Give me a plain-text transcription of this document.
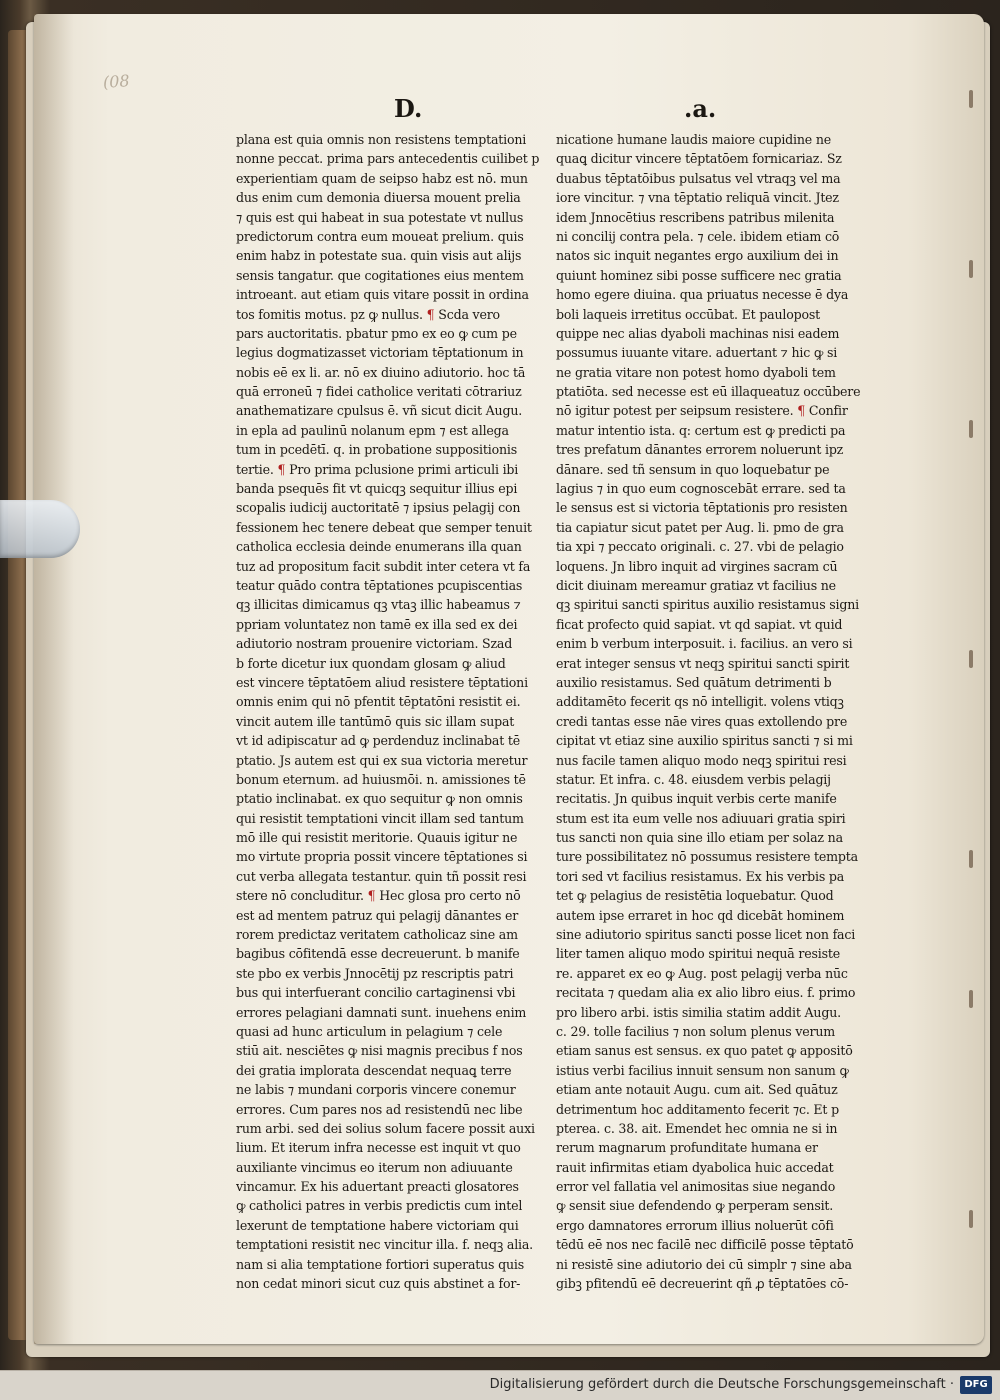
(08
D.	.a.
plana est quia omnis non resistens temptationi
nonne peccat. prima pars antecedentis cuilibet p
experientiam quam de seipso habz est nō. mun
dus enim cum demonia diuersa mouent prelia
⁊ quis est qui habeat in sua potestate vt nullus
predictorum contra eum moueat prelium. quis
enim habz in potestate sua. quin visis aut alijs
sensis tangatur. que cogitationes eius mentem
introeant. aut etiam quis vitare possit in ordina
tos fomitis motus. pz ꝙ nullus. ¶ Scda vero
pars auctoritatis. pbatur pmo ex eo ꝙ cum pe
legius dogmatizasset victoriam tēptationum in
nobis eē ex li. ar. nō ex diuino adiutorio. hoc tā
quā erroneū ⁊ fidei catholice veritati cōtrariuz
anathematizare cpulsus ē. vñ sicut dicit Augu.
in epla ad paulinū nolanum epm ⁊ est allega
tum in pcedētī. q. in probatione suppositionis
tertie. ¶ Pro prima pclusione primi articuli ibi
banda psequēs fit vt quicqꝫ sequitur illius epi
scopalis iudicij auctoritatē ⁊ ipsius pelagij con
fessionem hec tenere debeat que semper tenuit
catholica ecclesia deinde enumerans illa quan
tuz ad propositum facit subdit inter cetera vt fa
teatur quādo contra tēptationes pcupiscentias
qꝫ illicitas dimicamus qꝫ vtaꝫ illic habeamus ⁊
ppriam voluntatez non tamē ex illa sed ex dei
adiutorio nostram prouenire victoriam. Szad
b forte dicetur iux quondam glosam ꝙ aliud
est vincere tēptatōem aliud resistere tēptationi
omnis enim qui nō pfentit tēptatōni resistit ei.
vincit autem ille tantūmō quis sic illam supat
vt id adipiscatur ad ꝙ perdenduz inclinabat tē
ptatio. Js autem est qui ex sua victoria meretur
bonum eternum. ad huiusmōi. n. amissiones tē
ptatio inclinabat. ex quo sequitur ꝙ non omnis
qui resistit temptationi vincit illam sed tantum
mō ille qui resistit meritorie. Quauis igitur ne
mo virtute propria possit vincere tēptationes si
cut verba allegata testantur. quin tñ possit resi
stere nō concluditur. ¶ Hec glosa pro certo nō
est ad mentem patruz qui pelagij dānantes er
rorem predictaz veritatem catholicaz sine am
bagibus cōfitendā esse decreuerunt. b manife
ste pbo ex verbis Jnnocētij pz rescriptis patri
bus qui interfuerant concilio cartaginensi vbi
errores pelagiani damnati sunt. inuehens enim
quasi ad hunc articulum in pelagium ⁊ cele
stiū ait. nesciētes ꝙ nisi magnis precibus f nos
dei gratia implorata descendat nequaꝗ terre
ne labis ⁊ mundani corporis vincere conemur
errores. Cum pares nos ad resistendū nec libe
rum arbi. sed dei solius solum facere possit auxi
lium. Et iterum infra necesse est inquit vt quo
auxiliante vincimus eo iterum non adiuuante
vincamur. Ex his aduertant preacti glosatores
ꝙ catholici patres in verbis predictis cum intel
lexerunt de temptatione habere victoriam qui
temptationi resistit nec vincitur illa. f. neqꝫ alia.
nam si alia temptatione fortiori superatus quis
non cedat minori sicut cuz quis abstinet a for-
nicatione humane laudis maiore cupidine ne
quaꝗ dicitur vincere tēptatōem fornicariaz. Sz
duabus tēptatōibus pulsatus vel vtraqꝫ vel ma
iore vincitur. ⁊ vna tēptatio reliquā vincit. Jtez
idem Jnnocētius rescribens patribus milenita
ni concilij contra pela. ⁊ cele. ibidem etiam cō
natos sic inquit negantes ergo auxilium dei in
quiunt hominez sibi posse sufficere nec gratia
homo egere diuina. qua priuatus necesse ē dya
boli laqueis irretitus occūbat. Et paulopost
quippe nec alias dyaboli machinas nisi eadem
possumus iuuante vitare. aduertant ⁊ hic ꝙ si
ne gratia vitare non potest homo dyaboli tem
ptatiōta. sed necesse est eū illaqueatuz occūbere
nō igitur potest per seipsum resistere. ¶ Confir
matur intentio ista. q: certum est ꝙ predicti pa
tres prefatum dānantes errorem noluerunt ipz
dānare. sed tñ sensum in quo loquebatur pe
lagius ⁊ in quo eum cognoscebāt errare. sed ta
le sensus est si victoria tēptationis pro resisten
tia capiatur sicut patet per Aug. li. pmo de gra
tia xpi ⁊ peccato originali. c. 27. vbi de pelagio
loquens. Jn libro inquit ad virgines sacram cū
dicit diuinam mereamur gratiaz vt facilius ne
qꝫ spiritui sancti spiritus auxilio resistamus signi
ficat profecto quid sapiat. vt qd sapiat. vt quid
enim b verbum interposuit. i. facilius. an vero si
erat integer sensus vt neqꝫ spiritui sancti spirit
auxilio resistamus. Sed quātum detrimenti b
additamēto fecerit qs nō intelligit. volens vtiqꝫ
credi tantas esse nāe vires quas extollendo pre
cipitat vt etiaz sine auxilio spiritus sancti ⁊ si mi
nus facile tamen aliquo modo neqꝫ spiritui resi
statur. Et infra. c. 48. eiusdem verbis pelagij
recitatis. Jn quibus inquit verbis certe manife
stum est ita eum velle nos adiuuari gratia spiri
tus sancti non quia sine illo etiam per solaz na
ture possibilitatez nō possumus resistere tempta
tori sed vt facilius resistamus. Ex his verbis pa
tet ꝙ pelagius de resistētia loquebatur. Quod
autem ipse erraret in hoc qd dicebāt hominem
sine adiutorio spiritus sancti posse licet non faci
liter tamen aliquo modo spiritui nequā resiste
re. apparet ex eo ꝙ Aug. post pelagij verba nūc
recitata ⁊ quedam alia ex alio libro eius. f. primo
pro libero arbi. istis similia statim addit Augu.
c. 29. tolle facilius ⁊ non solum plenus verum
etiam sanus est sensus. ex quo patet ꝙ appositō
istius verbi facilius innuit sensum non sanum ꝙ
etiam ante notauit Augu. cum ait. Sed quātuz
detrimentum hoc additamento fecerit ⁊c. Et p
pterea. c. 38. ait. Emendet hec omnia ne si in
rerum magnarum profunditate humana er
rauit infirmitas etiam dyabolica huic accedat
error vel fallatia vel animositas siue negando
ꝙ sensit siue defendendo ꝙ perperam sensit.
ergo damnatores errorum illius noluerūt cōfi
tēdū eē nos nec facilē nec difficilē posse tēptatō
ni resistē sine adiutorio dei cū simplr ⁊ sine aba
gibꝫ pfitendū eē decreuerint qñ ꝓ tēptatōes cō-
Digitalisierung gefördert durch die Deutsche Forschungsgemeinschaft ·	DFG
